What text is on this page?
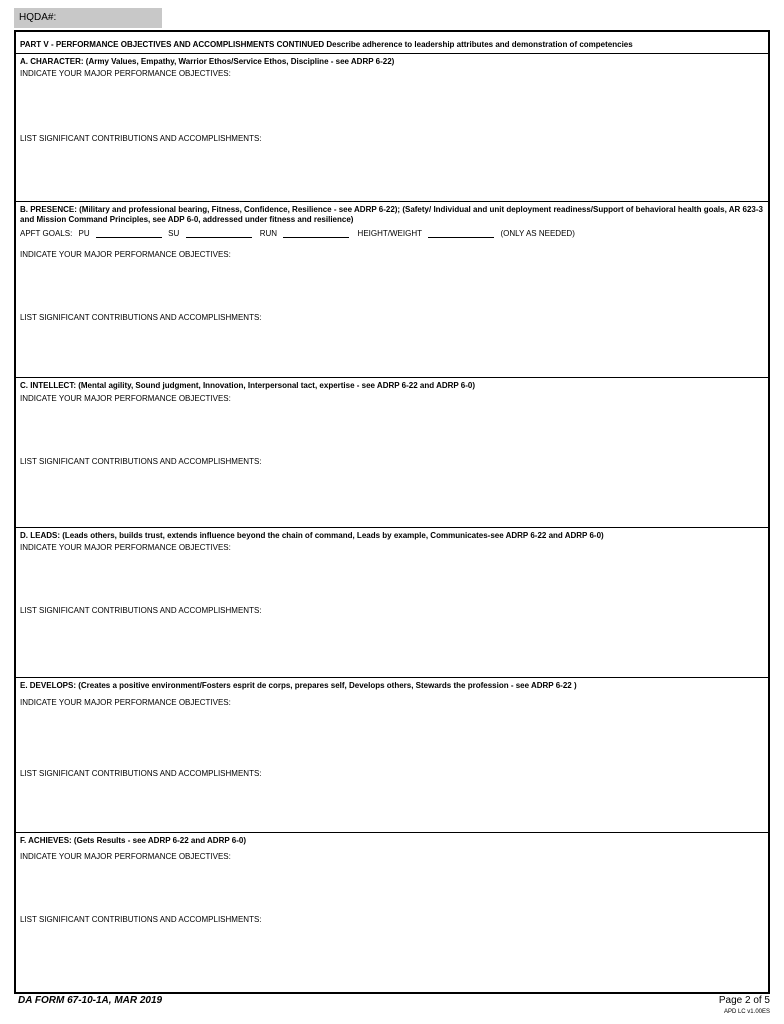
HQDA#:
PART V - PERFORMANCE OBJECTIVES AND ACCOMPLISHMENTS CONTINUED Describe adherence to leadership attributes and demonstration of competencies
A. CHARACTER: (Army Values, Empathy, Warrior Ethos/Service Ethos, Discipline - see ADRP 6-22)
INDICATE YOUR MAJOR PERFORMANCE OBJECTIVES:
LIST SIGNIFICANT CONTRIBUTIONS AND ACCOMPLISHMENTS:
B. PRESENCE: (Military and professional bearing, Fitness, Confidence, Resilience - see ADRP 6-22); (Safety/ Individual and unit deployment readiness/Support of behavioral health goals, AR 623-3 and Mission Command Principles, see ADP 6-0, addressed under fitness and resilience)
APFT GOALS: PU	SU	RUN	HEIGHT/WEIGHT	(ONLY AS NEEDED)
INDICATE YOUR MAJOR PERFORMANCE OBJECTIVES:
LIST SIGNIFICANT CONTRIBUTIONS AND ACCOMPLISHMENTS:
C. INTELLECT: (Mental agility, Sound judgment, Innovation, Interpersonal tact, expertise - see ADRP 6-22 and ADRP 6-0)
INDICATE YOUR MAJOR PERFORMANCE OBJECTIVES:
LIST SIGNIFICANT CONTRIBUTIONS AND ACCOMPLISHMENTS:
D. LEADS: (Leads others, builds trust, extends influence beyond the chain of command, Leads by example, Communicates-see ADRP 6-22 and ADRP 6-0)
INDICATE YOUR MAJOR PERFORMANCE OBJECTIVES:
LIST SIGNIFICANT CONTRIBUTIONS AND ACCOMPLISHMENTS:
E. DEVELOPS: (Creates a positive environment/Fosters esprit de corps, prepares self, Develops others, Stewards the profession - see ADRP 6-22 )
INDICATE YOUR MAJOR PERFORMANCE OBJECTIVES:
LIST SIGNIFICANT CONTRIBUTIONS AND ACCOMPLISHMENTS:
F. ACHIEVES: (Gets Results - see ADRP 6-22 and ADRP 6-0)
INDICATE YOUR MAJOR PERFORMANCE OBJECTIVES:
LIST SIGNIFICANT CONTRIBUTIONS AND ACCOMPLISHMENTS:
DA FORM 67-10-1A, MAR 2019	Page 2 of 5
APD LC v1.00ES
